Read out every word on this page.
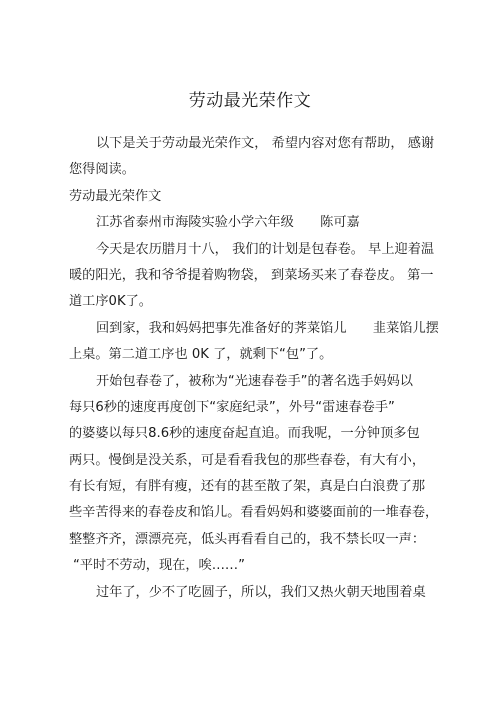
劳动最光荣作文
以下是关于劳动最光荣作文， 希望内容对您有帮助， 感谢
您得阅读。
劳动最光荣作文
江苏省泰州市海陵实验小学六年级　　陈可嘉
今天是农历腊月十八， 我们的计划是包春卷。 早上迎着温
暖的阳光，我和爷爷提着购物袋， 到菜场买来了春卷皮。 第一
道工序0K了。
回到家，我和妈妈把事先准备好的荠菜馅儿　　韭菜馅儿摆
上桌。第二道工序也 0K 了，就剩下“包”了。
开始包春卷了，被称为“光速春卷手”的著名选手妈妈以
每只6秒的速度再度创下“家庭纪录”，外号“雷速春卷手”
的婆婆以每只8.6秒的速度奋起直追。而我呢，一分钟顶多包
两只。慢倒是没关系，可是看看我包的那些春卷，有大有小，
有长有短，有胖有瘦，还有的甚至散了架，真是白白浪费了那
些辛苦得来的春卷皮和馅儿。看看妈妈和婆婆面前的一堆春卷，
整整齐齐，漂漂亮亮，低头再看看自己的，我不禁长叹一声：
“平时不劳动，现在，唉……”
过年了，少不了吃圆子，所以，我们又热火朝天地围着桌
